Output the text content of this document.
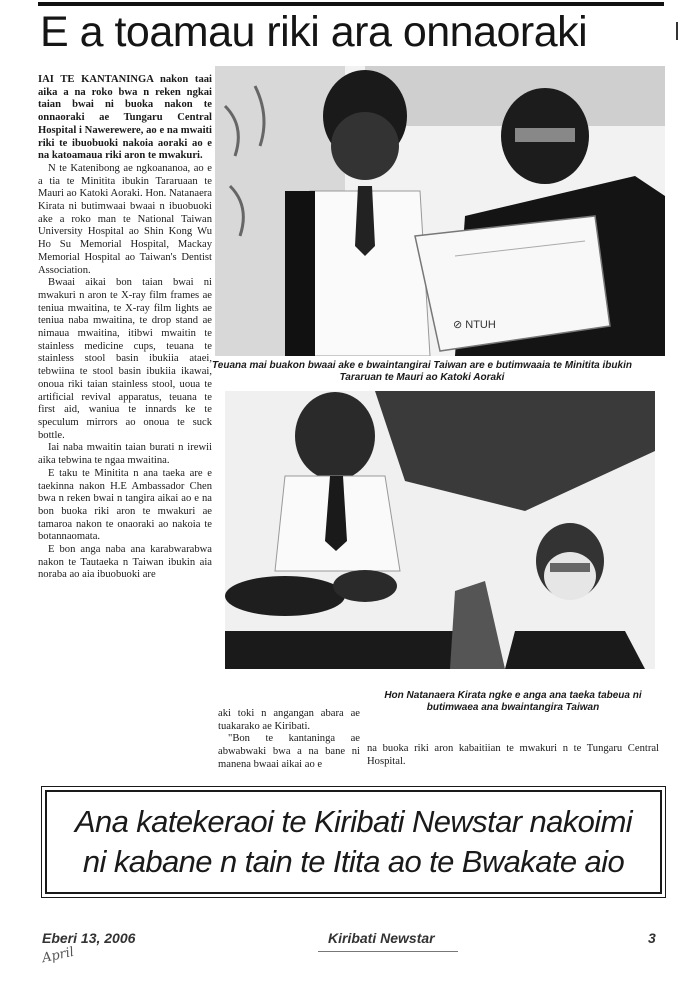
E a toamau riki ara onnaoraki

IAI TE KANTANINGA nakon taai aika a na roko bwa n reken ngkai taian bwai ni buoka nakon te onnaoraki ae Tungaru Central Hospital i Nawerewere, ao e na mwaiti riki te ibuobuoki nakoia aoraki ao e na katoamaua riki aron te mwakuri.

N te Katenibong ae ngkoananoa, ao e a tia te Minitita ibukin Tararuaan te Mauri ao Katoki Aoraki. Hon. Natanaera Kirata ni butimwaai bwaai n ibuobuoki ake a roko man te National Taiwan University Hospital ao Shin Kong Wu Ho Su Memorial Hospital, Mackay Memorial Hospital ao Taiwan's Dentist Association.

Bwaai aikai bon taian bwai ni mwakuri n aron te X-ray film frames ae teniua mwaitina, te X-ray film lights ae teniua naba mwaitina, te drop stand ae nimaua mwaitina, itibwi mwaitin te stainless medicine cups, teuana te stainless stool basin ibukiia ataei, tebwiina te stool basin ibukiia ikawai, onoua riki taian stainless stool, uoua te artificial revival apparatus, teuana te first aid, waniua te innards ke te speculum mirrors ao onoua te suck bottle.

Iai naba mwaitin taian burati n irewii aika tebwina te ngaa mwaitina.

E taku te Minitita n ana taeka are e taekinna nakon H.E Ambassador Chen bwa n reken bwai n tangira aikai ao e na bon buoka riki aron te mwakuri ae tamaroa nakon te onaoraki ao nakoia te botannaomata.

E bon anga naba ana karabwarabwa nakon te Tautaeka n Taiwan ibukin aia noraba ao aia ibuobuoki are

⊘ NTUH
Teuana mai buakon bwaai ake e bwaintangirai Taiwan are e butimwaaia te Minitita ibukin Tararuan te Mauri ao Katoki Aoraki
Hon Natanaera Kirata ngke e anga ana taeka tabeua ni butimwaea ana bwaintangira Taiwan

aki toki n angangan abara ae tuakarako ae Kiribati.

"Bon te kantaninga ae abwabwaki bwa a na bane ni manena bwaai aikai ao e

na buoka riki aron kabaitiian te mwakuri n te Tungaru Central Hospital.
Ana katekeraoi te Kiribati Newstar nakoimi
ni kabane n tain te Itita ao te Bwakate aio
Eberi 13, 2006	Kiribati Newstar	3
April
